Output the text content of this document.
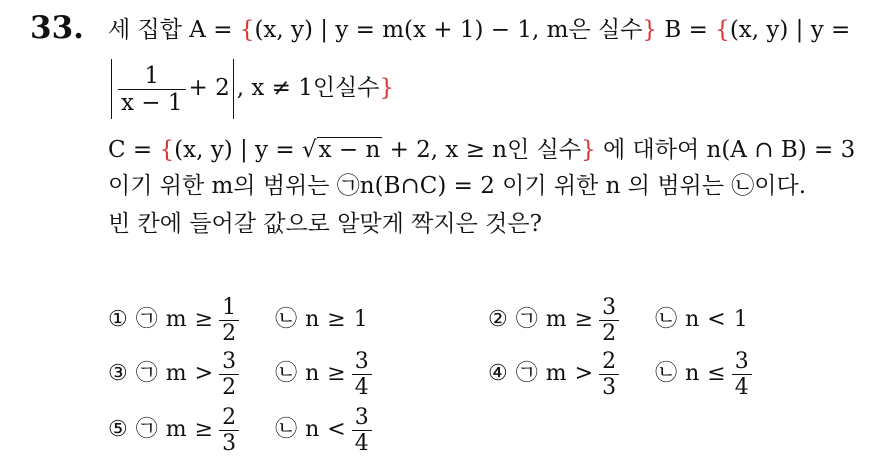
33. 세 집합 A = {(x, y) | y = m(x + 1) − 1, m은 실수} B = {(x, y) | y =
$\frac{1}{x - 1} + 2$ , x ≠ 1인실수}
C = {(x, y) | y = √x − n + 2, x ≥ n인 실수} 에 대하여 n(A ∩ B) = 3
이기 위한 m의 범위는 ㉠n(B∩C) = 2 이기 위한 n 의 범위는 ㉡이다.
빈 칸에 들어갈 값으로 알맞게 짝지은 것은?
① ㉠ $m \ge \frac{1}{2}$ ㉡ n ≥ 1	② ㉠ $m \ge \frac{3}{2}$ ㉡ n < 1
③ ㉠ $m > \frac{3}{2}$ ㉡ $n \ge \frac{3}{4}$	④ ㉠ $m > \frac{2}{3}$ ㉡ $n \le \frac{3}{4}$
⑤ ㉠ $m \ge \frac{2}{3}$ ㉡ $n < \frac{3}{4}$
